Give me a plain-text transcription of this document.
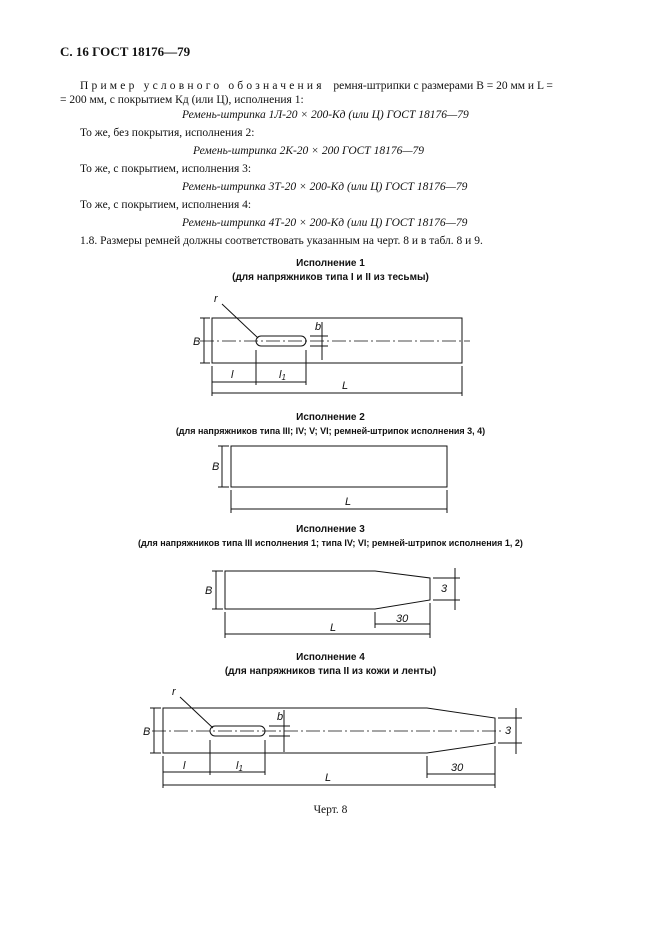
С. 16 ГОСТ 18176—79
Пример условного обозначения ремня-штрипки с размерами B = 20 мм и L =
= 200 мм, с покрытием Кд (или Ц), исполнения 1:
Ремень-штрипка 1Л-20 × 200-Кд (или Ц) ГОСТ 18176—79
То же, без покрытия, исполнения 2:
Ремень-штрипка 2К-20 × 200 ГОСТ 18176—79
То же, с покрытием, исполнения 3:
Ремень-штрипка 3Т-20 × 200-Кд (или Ц) ГОСТ 18176—79
То же, с покрытием, исполнения 4:
Ремень-штрипка 4Т-20 × 200-Кд (или Ц) ГОСТ 18176—79
1.8. Размеры ремней должны соответствовать указанным на черт. 8 и в табл. 8 и 9.
Исполнение 1
(для напряжников типа I и II из тесьмы)
B
l	l1
L
b
r
Исполнение 2
(для напряжников типа III; IV; V; VI; ремней-штрипок исполнения 3, 4)
B
L
Исполнение 3
(для напряжников типа III исполнения 1; типа IV; VI; ремней-штрипок исполнения 1, 2)
B	3
30
L
Исполнение 4
(для напряжников типа II из кожи и ленты)
B
l	l1
L
30
b
3
r
Черт. 8
